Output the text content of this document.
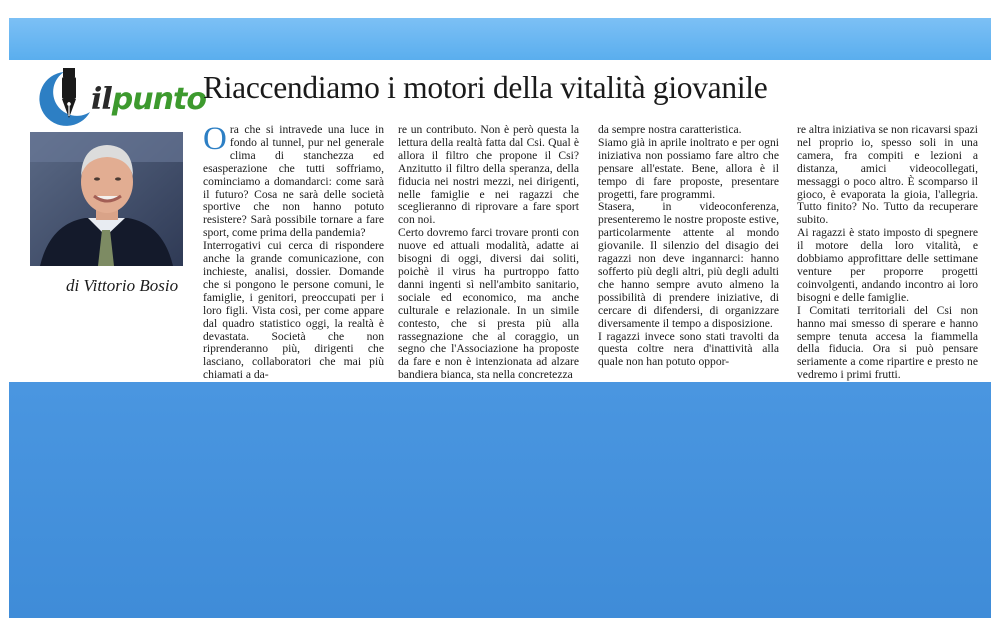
ilpunto
di Vittorio Bosio
Riaccendiamo i motori della vitalità giovanile

Ora che si intravede una luce in fondo al tunnel, pur nel generale clima di stanchezza ed esasperazione che tutti soffriamo, cominciamo a domandarci: come sarà il futuro? Cosa ne sarà delle società sportive che non hanno potuto resistere? Sarà possibile tornare a fare sport, come prima della pandemia?

Interrogativi cui cerca di rispondere anche la grande comunicazione, con inchieste, analisi, dossier. Domande che si pongono le persone comuni, le famiglie, i genitori, preoccupati per i loro figli. Vista così, per come appare dal quadro statistico oggi, la realtà è devastata. Società che non riprenderanno più, dirigenti che lasciano, collaboratori che mai più chiamati a da-

re un contributo. Non è però questa la lettura della realtà fatta dal Csi. Qual è allora il filtro che propone il Csi? Anzitutto il filtro della speranza, della fiducia nei nostri mezzi, nei dirigenti, nelle famiglie e nei ragazzi che sceglieranno di riprovare a fare sport con noi.

Certo dovremo farci trovare pronti con nuove ed attuali modalità, adatte ai bisogni di oggi, diversi dai soliti, poichè il virus ha purtroppo fatto danni ingenti sì nell'ambito sanitario, sociale ed economico, ma anche culturale e relazionale. In un simile contesto, che si presta più alla rassegnazione che al coraggio, un segno che l'Associazione ha proposte da fare e non è intenzionata ad alzare bandiera bianca, sta nella concretezza

da sempre nostra caratteristica.

Siamo già in aprile inoltrato e per ogni iniziativa non possiamo fare altro che pensare all'estate. Bene, allora è il tempo di fare proposte, presentare progetti, fare programmi.

Stasera, in videoconferenza, presenteremo le nostre proposte estive, particolarmente attente al mondo giovanile. Il silenzio del disagio dei ragazzi non deve ingannarci: hanno sofferto più degli altri, più degli adulti che hanno sempre avuto almeno la possibilità di prendere iniziative, di cercare di difendersi, di organizzare diversamente il tempo a disposizione.

I ragazzi invece sono stati travolti da questa coltre nera d'inattività alla quale non han potuto oppor-

re altra iniziativa se non ricavarsi spazi nel proprio io, spesso soli in una camera, fra compiti e lezioni a distanza, amici videocollegati, messaggi o poco altro. È scomparso il gioco, è evaporata la gioia, l'allegria. Tutto finito? No. Tutto da recuperare subito.

Ai ragazzi è stato imposto di spegnere il motore della loro vitalità, e dobbiamo approfittare delle settimane venture per proporre progetti coinvolgenti, andando incontro ai loro bisogni e delle famiglie.

I Comitati territoriali del Csi non hanno mai smesso di sperare e hanno sempre tenuta accesa la fiammella della fiducia. Ora si può pensare seriamente a come ripartire e presto ne vedremo i primi frutti.
